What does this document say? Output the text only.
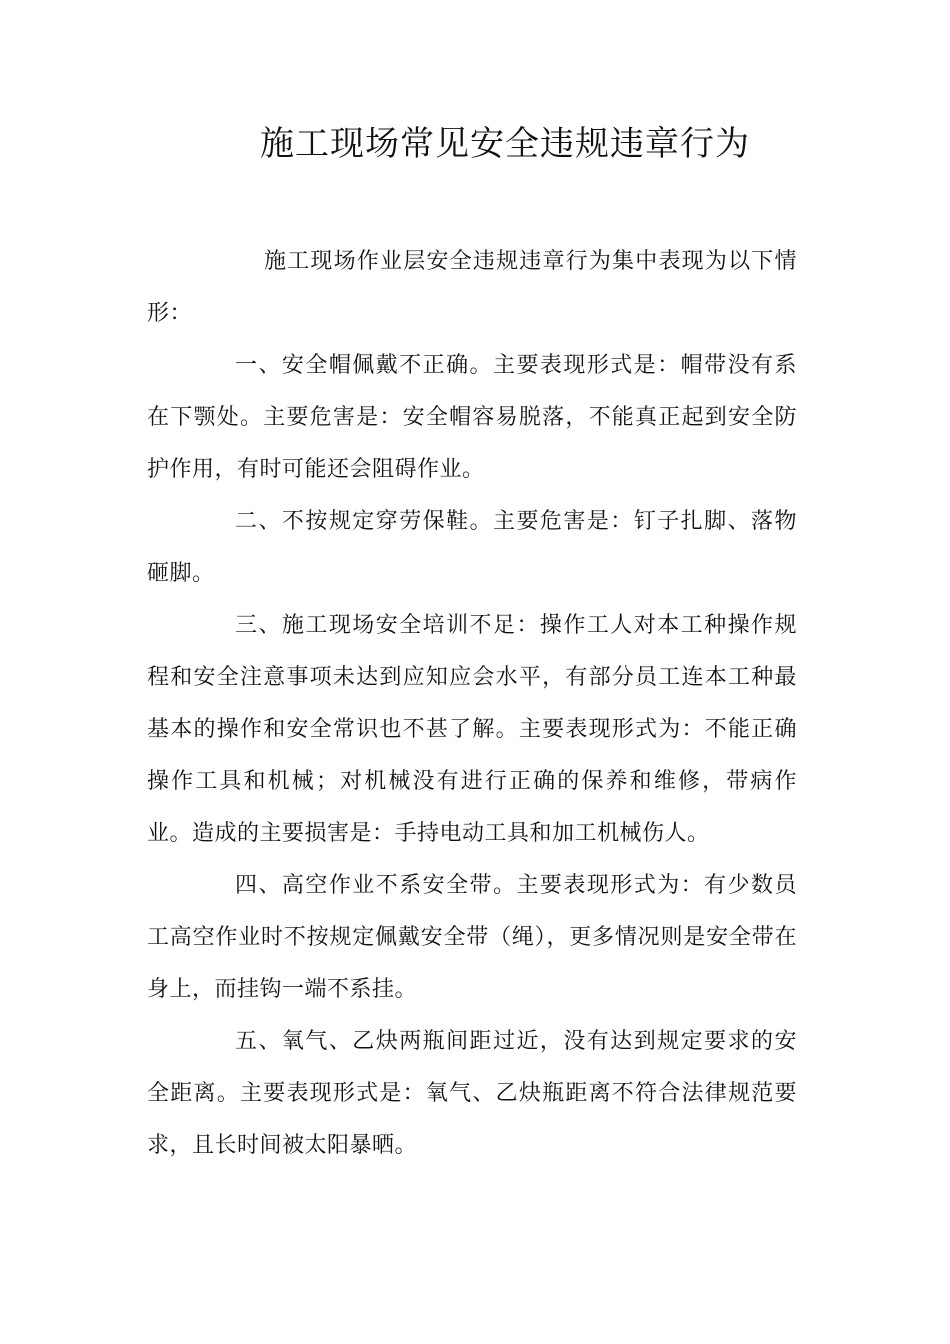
施工现场常见安全违规违章行为

施工现场作业层安全违规违章行为集中表现为以下情形：

一、安全帽佩戴不正确。主要表现形式是：帽带没有系在下颚处。主要危害是：安全帽容易脱落，不能真正起到安全防护作用，有时可能还会阻碍作业。

二、不按规定穿劳保鞋。主要危害是：钉子扎脚、落物砸脚。

三、施工现场安全培训不足：操作工人对本工种操作规程和安全注意事项未达到应知应会水平，有部分员工连本工种最基本的操作和安全常识也不甚了解。主要表现形式为：不能正确操作工具和机械；对机械没有进行正确的保养和维修，带病作业。造成的主要损害是：手持电动工具和加工机械伤人。

四、高空作业不系安全带。主要表现形式为：有少数员工高空作业时不按规定佩戴安全带（绳），更多情况则是安全带在身上，而挂钩一端不系挂。

五、氧气、乙炔两瓶间距过近，没有达到规定要求的安全距离。主要表现形式是：氧气、乙炔瓶距离不符合法律规范要求，且长时间被太阳暴晒。
